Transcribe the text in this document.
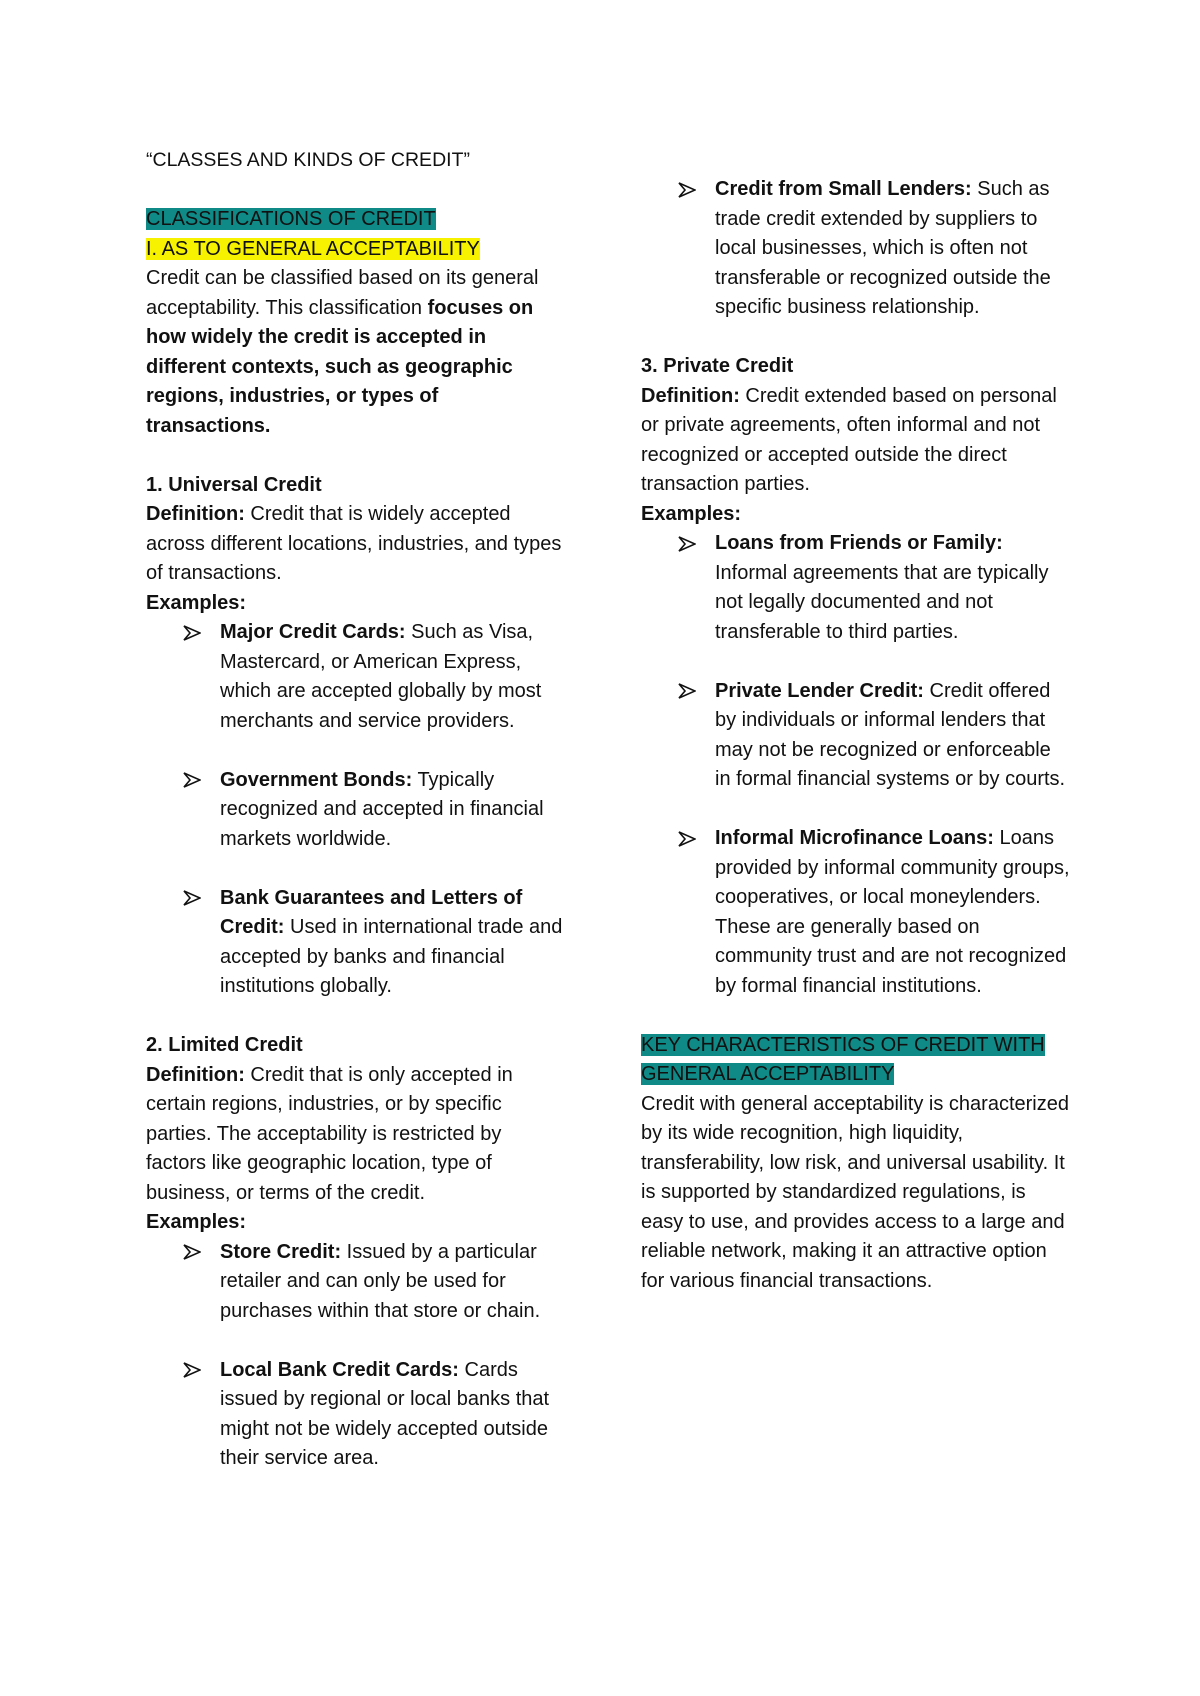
“CLASSES AND KINDS OF CREDIT”

CLASSIFICATIONS OF CREDIT

I. AS TO GENERAL ACCEPTABILITY

Credit can be classified based on its general acceptability. This classification focuses on how widely the credit is accepted in different contexts, such as geographic regions, industries, or types of transactions.

1. Universal Credit

Definition: Credit that is widely accepted across different locations, industries, and types of transactions.

Examples:

Major Credit Cards: Such as Visa, Mastercard, or American Express, which are accepted globally by most merchants and service providers.
Government Bonds: Typically recognized and accepted in financial markets worldwide.
Bank Guarantees and Letters of Credit: Used in international trade and accepted by banks and financial institutions globally.

2. Limited Credit

Definition: Credit that is only accepted in certain regions, industries, or by specific parties. The acceptability is restricted by factors like geographic location, type of business, or terms of the credit.

Examples:

Store Credit: Issued by a particular retailer and can only be used for purchases within that store or chain.
Local Bank Credit Cards: Cards issued by regional or local banks that might not be widely accepted outside their service area.
Credit from Small Lenders: Such as trade credit extended by suppliers to local businesses, which is often not transferable or recognized outside the specific business relationship.

3. Private Credit

Definition: Credit extended based on personal or private agreements, often informal and not recognized or accepted outside the direct transaction parties.

Examples:

Loans from Friends or Family: Informal agreements that are typically not legally documented and not transferable to third parties.
Private Lender Credit: Credit offered by individuals or informal lenders that may not be recognized or enforceable in formal financial systems or by courts.
Informal Microfinance Loans: Loans provided by informal community groups, cooperatives, or local moneylenders. These are generally based on community trust and are not recognized by formal financial institutions.

KEY CHARACTERISTICS OF CREDIT WITH GENERAL ACCEPTABILITY

Credit with general acceptability is characterized by its wide recognition, high liquidity, transferability, low risk, and universal usability. It is supported by standardized regulations, is easy to use, and provides access to a large and reliable network, making it an attractive option for various financial transactions.
